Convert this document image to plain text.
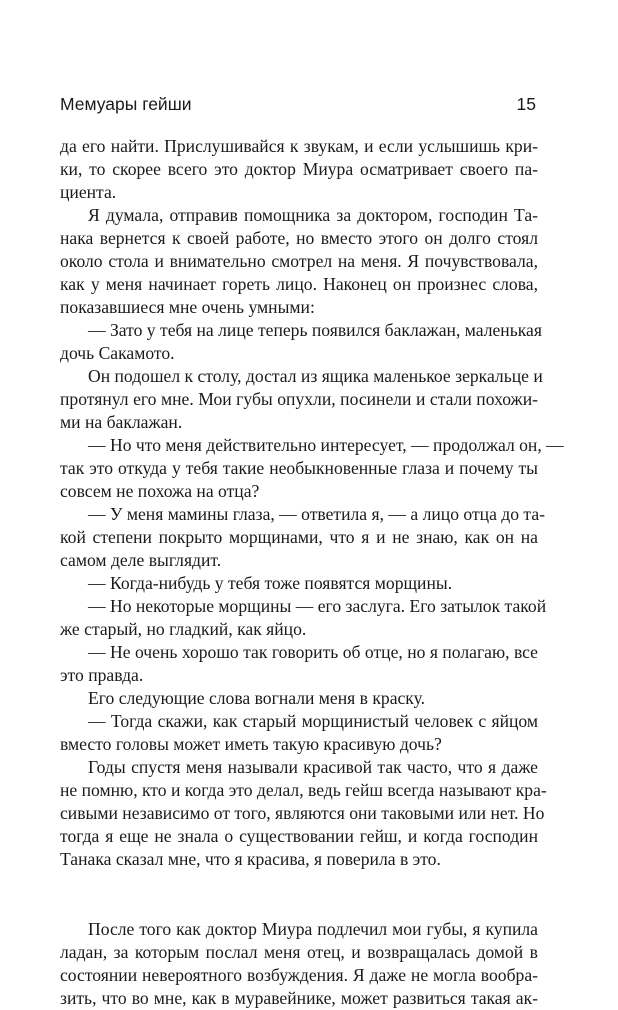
Мемуары гейши	15
да его найти. Прислушивайся к звукам, и если услышишь кри-
ки, то скорее всего это доктор Миура осматривает своего па-
циента.
Я думала, отправив помощника за доктором, господин Та-
нака вернется к своей работе, но вместо этого он долго стоял
около стола и внимательно смотрел на меня. Я почувствовала,
как у меня начинает гореть лицо. Наконец он произнес слова,
показавшиеся мне очень умными:
— Зато у тебя на лице теперь появился баклажан, маленькая
дочь Сакамото.
Он подошел к столу, достал из ящика маленькое зеркальце и
протянул его мне. Мои губы опухли, посинели и стали похожи-
ми на баклажан.
— Но что меня действительно интересует, — продолжал он, —
так это откуда у тебя такие необыкновенные глаза и почему ты
совсем не похожа на отца?
— У меня мамины глаза, — ответила я, — а лицо отца до та-
кой степени покрыто морщинами, что я и не знаю, как он на
самом деле выглядит.
— Когда-нибудь у тебя тоже появятся морщины.
— Но некоторые морщины — его заслуга. Его затылок такой
же старый, но гладкий, как яйцо.
— Не очень хорошо так говорить об отце, но я полагаю, все
это правда.
Его следующие слова вогнали меня в краску.
— Тогда скажи, как старый морщинистый человек с яйцом
вместо головы может иметь такую красивую дочь?
Годы спустя меня называли красивой так часто, что я даже
не помню, кто и когда это делал, ведь гейш всегда называют кра-
сивыми независимо от того, являются они таковыми или нет. Но
тогда я еще не знала о существовании гейш, и когда господин
Танака сказал мне, что я красива, я поверила в это.
После того как доктор Миура подлечил мои губы, я купила
ладан, за которым послал меня отец, и возвращалась домой в
состоянии невероятного возбуждения. Я даже не могла вообра-
зить, что во мне, как в муравейнике, может развиться такая ак-
